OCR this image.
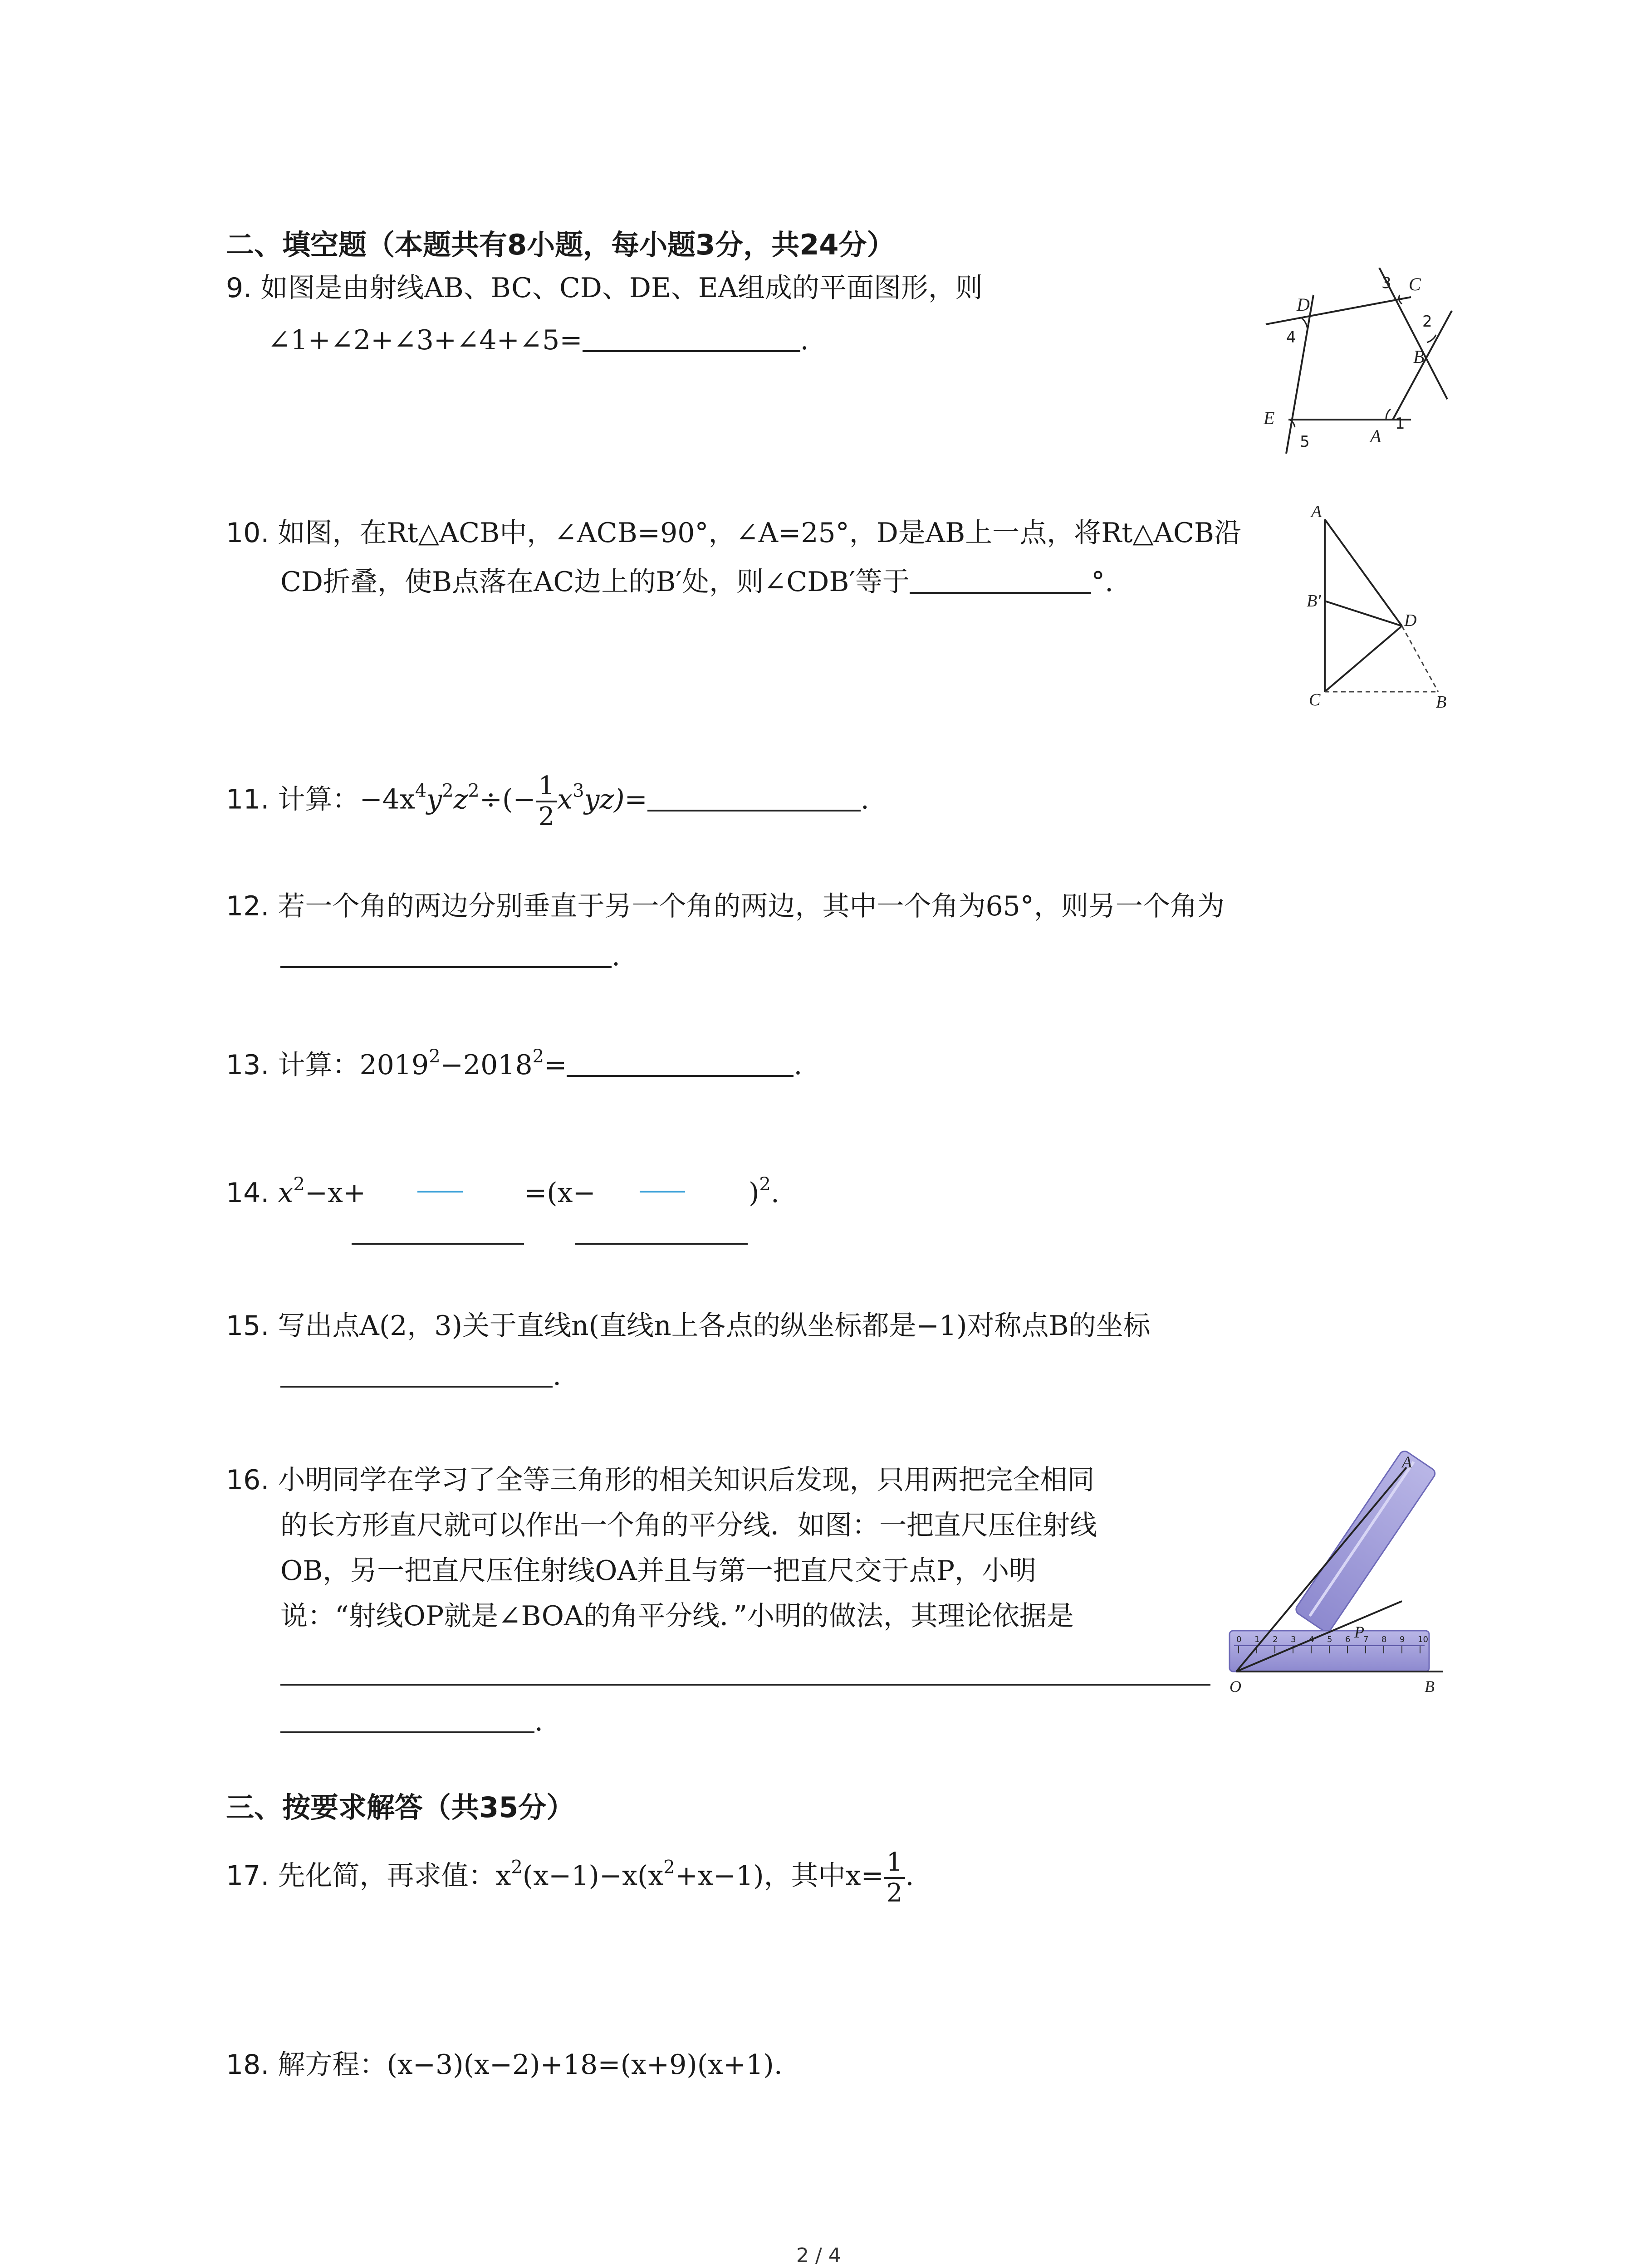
二、填空题（本题共有8小题，每小题3分，共24分）
9. 如图是由射线AB、BC、CD、DE、EA组成的平面图形，则
∠1+∠2+∠3+∠4+∠5=	.
D
C
B
A
E	1
2
3
4
5
10. 如图，在Rt△ACB中，∠ACB=90°，∠A=25°，D是AB上一点，将Rt△ACB沿
CD折叠，使B点落在AC边上的B′处，则∠CDB′等于	°.
A
B'
D
C	B
11. 计算：$-4x^4y^2z^2\div(- \frac{1}{2} x^3yz)=$	.
12. 若一个角的两边分别垂直于另一个角的两边，其中一个角为65°，则另一个角为
.
13. 计算：$2019^2-2018^2=$	.
14. $x^2-x+$	=(x−	)$^2$.
15. 写出点A(2，3)关于直线n(直线n上各点的纵坐标都是−1)对称点B的坐标
.
16. 小明同学在学习了全等三角形的相关知识后发现，只用两把完全相同
的长方形直尺就可以作出一个角的平分线．如图：一把直尺压住射线
OB，另一把直尺压住射线OA并且与第一把直尺交于点P，小明
说：“射线OP就是∠BOA的角平分线．”小明的做法，其理论依据是
.
0 1 2 3	5 6 7 8 9 10
A
P
O	B
三、按要求解答（共35分）
17. 先化简，再求值：$x^2(x-1)-x(x^2+x-1)$，其中$x= \frac{1}{2}$ .
18. 解方程：(x−3)(x−2)+18=(x+9)(x+1).
2 / 4
